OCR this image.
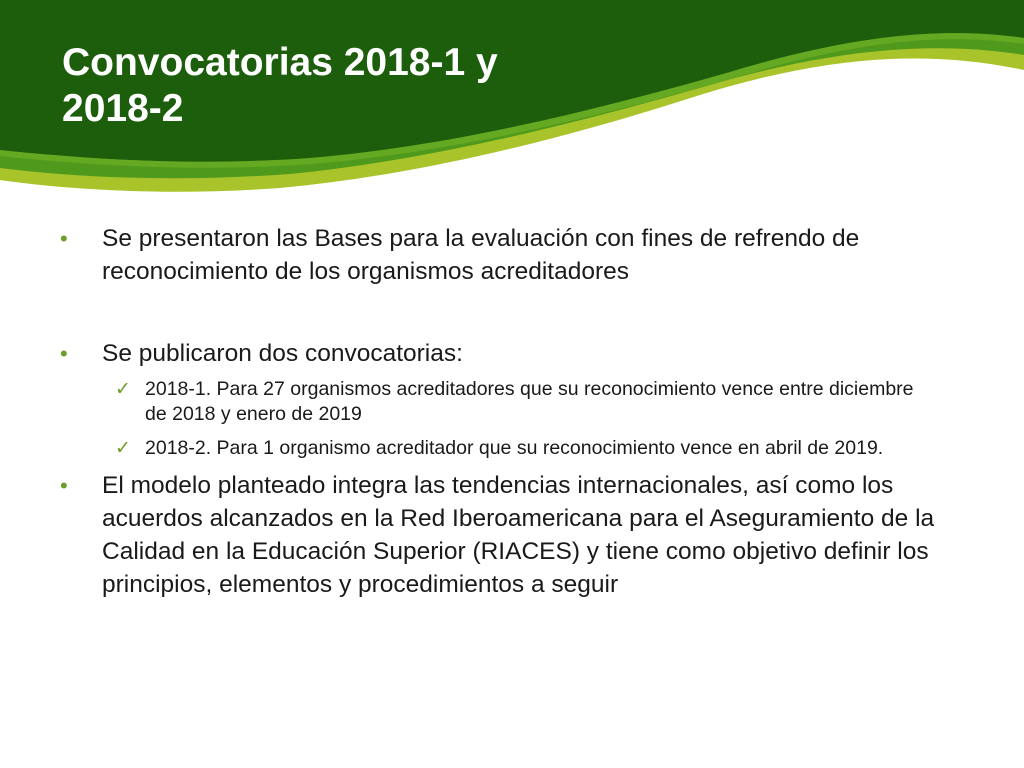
Convocatorias 2018-1 y
2018-2
•	Se presentaron las Bases para la evaluación con fines de refrendo de reconocimiento de los organismos acreditadores
•	Se publicaron dos convocatorias:
✓ 2018-1. Para 27 organismos acreditadores que su reconocimiento vence entre diciembre de 2018 y enero de 2019
✓ 2018-2. Para 1 organismo acreditador que su reconocimiento vence en abril de 2019.
•	El modelo planteado integra las tendencias internacionales, así como los acuerdos alcanzados en la Red Iberoamericana para el Aseguramiento de la Calidad en la Educación Superior (RIACES) y tiene como objetivo definir los principios, elementos y procedimientos a seguir
